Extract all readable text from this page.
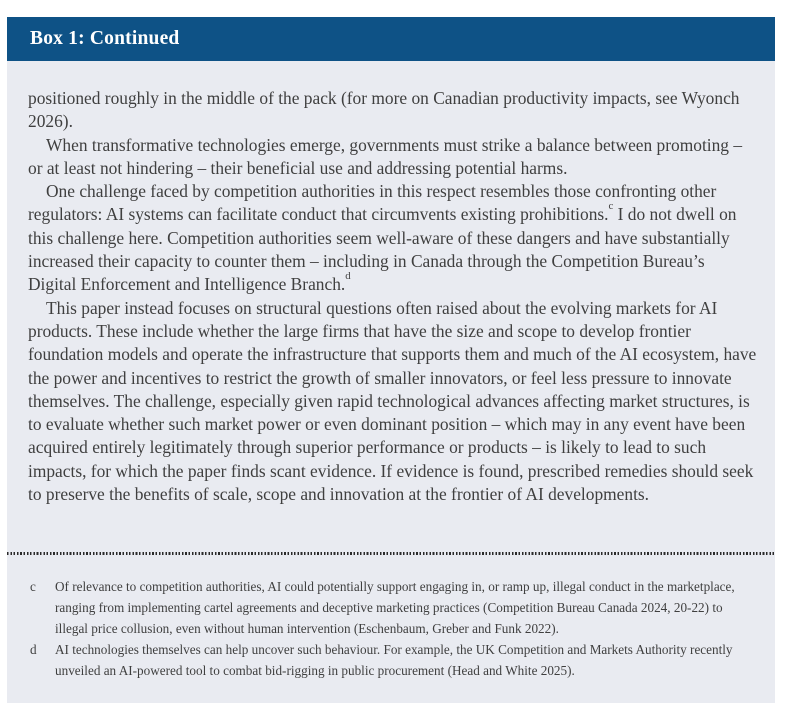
Box 1: Continued

positioned roughly in the middle of the pack (for more on Canadian productivity impacts, see Wyonch 2026).

When transformative technologies emerge, governments must strike a balance between promoting – or at least not hindering – their beneficial use and addressing potential harms.

One challenge faced by competition authorities in this respect resembles those confronting other regulators: AI systems can facilitate conduct that circumvents existing prohibitions.$^c$ I do not dwell on this challenge here. Competition authorities seem well-aware of these dangers and have substantially increased their capacity to counter them – including in Canada through the Competition Bureau’s Digital Enforcement and Intelligence Branch.$^d$

This paper instead focuses on structural questions often raised about the evolving markets for AI products. These include whether the large firms that have the size and scope to develop frontier foundation models and operate the infrastructure that supports them and much of the AI ecosystem, have the power and incentives to restrict the growth of smaller innovators, or feel less pressure to innovate themselves. The challenge, especially given rapid technological advances affecting market structures, is to evaluate whether such market power or even dominant position – which may in any event have been acquired entirely legitimately through superior performance or products – is likely to lead to such impacts, for which the paper finds scant evidence. If evidence is found, prescribed remedies should seek to preserve the benefits of scale, scope and innovation at the frontier of AI developments.

c	Of relevance to competition authorities, AI could potentially support engaging in, or ramp up, illegal conduct in the marketplace, ranging from implementing cartel agreements and deceptive marketing practices (Competition Bureau Canada 2024, 20-22) to illegal price collusion, even without human intervention (Eschenbaum, Greber and Funk 2022).
d	AI technologies themselves can help uncover such behaviour. For example, the UK Competition and Markets Authority recently unveiled an AI-powered tool to combat bid-rigging in public procurement (Head and White 2025).
